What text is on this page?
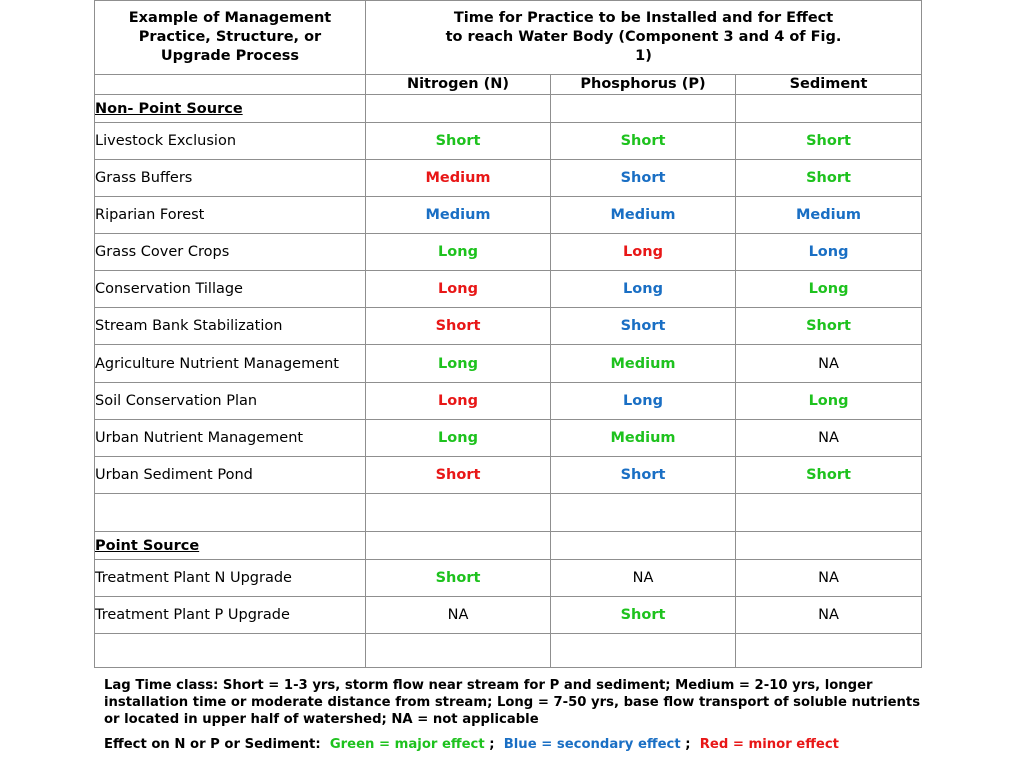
Example of Management Practice, Structure, or Upgrade Process	Time for Practice to be Installed and for Effect to reach Water Body (Component 3 and 4 of Fig. 1)		

	Nitrogen (N)	Phosphorus (P)	Sediment
Non- Point Source			
Livestock Exclusion	Short	Short	Short
Grass Buffers	Medium	Short	Short
Riparian Forest	Medium	Medium	Medium
Grass Cover Crops	Long	Long	Long
Conservation Tillage	Long	Long	Long
Stream Bank Stabilization	Short	Short	Short
Agriculture Nutrient Management	Long	Medium	NA
Soil Conservation Plan	Long	Long	Long
Urban Nutrient Management	Long	Medium	NA
Urban Sediment Pond	Short	Short	Short

Point Source			
Treatment Plant N Upgrade	Short	NA	NA
Treatment Plant P Upgrade	NA	Short	NA

Lag Time class: Short = 1-3 yrs, storm flow near stream for P and sediment; Medium = 2-10 yrs, longer installation time or moderate distance from stream; Long = 7-50 yrs, base flow transport of soluble nutrients or located in upper half of watershed; NA = not applicable
Effect on N or P or Sediment: Green = major effect ; Blue = secondary effect ; Red = minor effect
